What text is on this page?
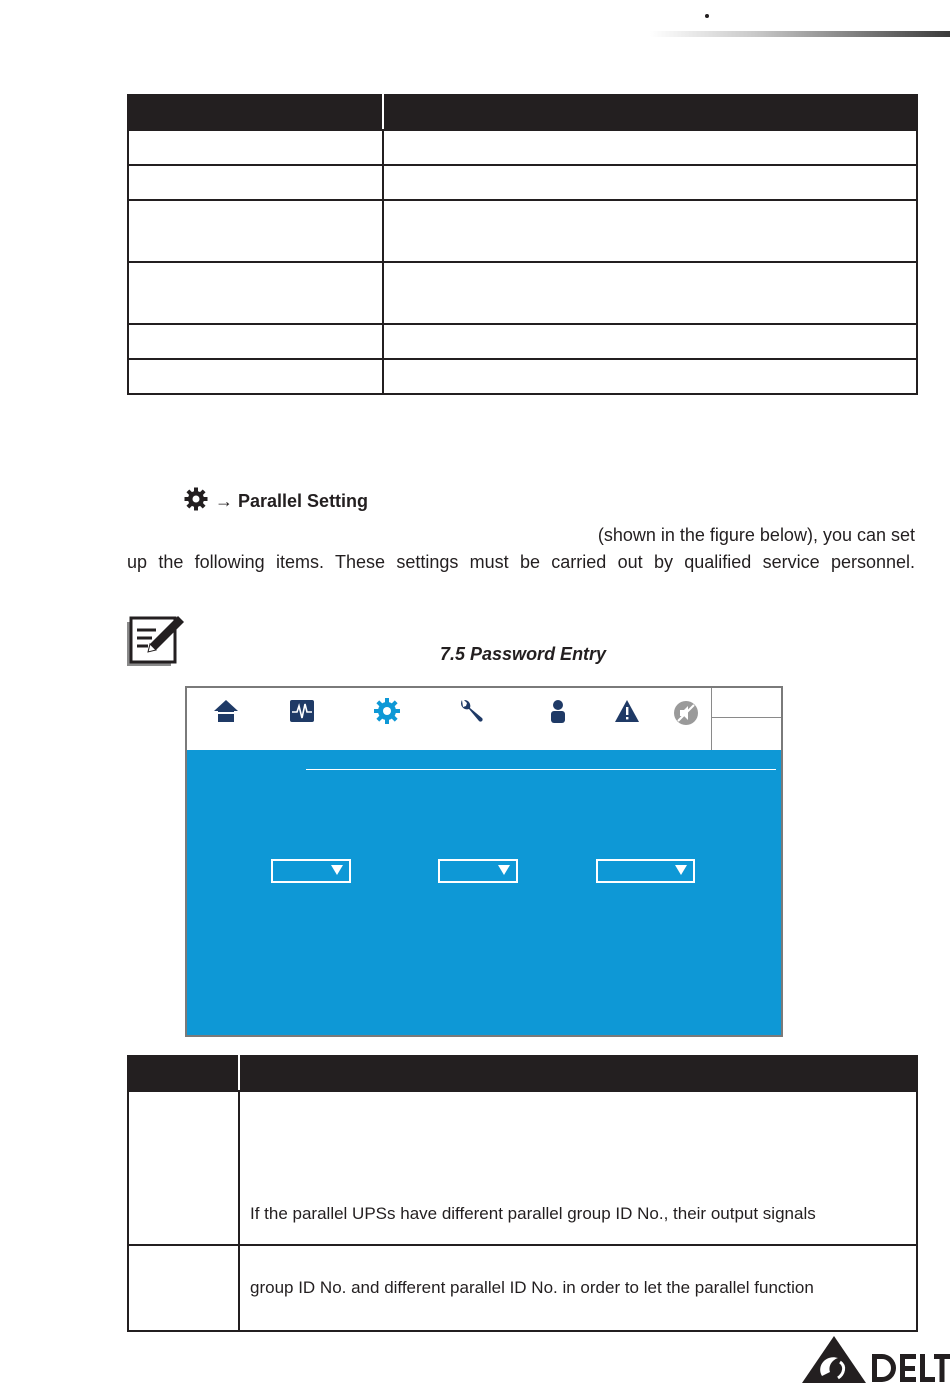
→ Parallel Setting
(shown in the figure below), you can set
up the following items. These settings must be carried out by qualified service personnel.
7.5 Password Entry

	If the parallel UPSs have different parallel group ID No., their output signals
	group ID No. and different parallel ID No. in order to let the parallel function
